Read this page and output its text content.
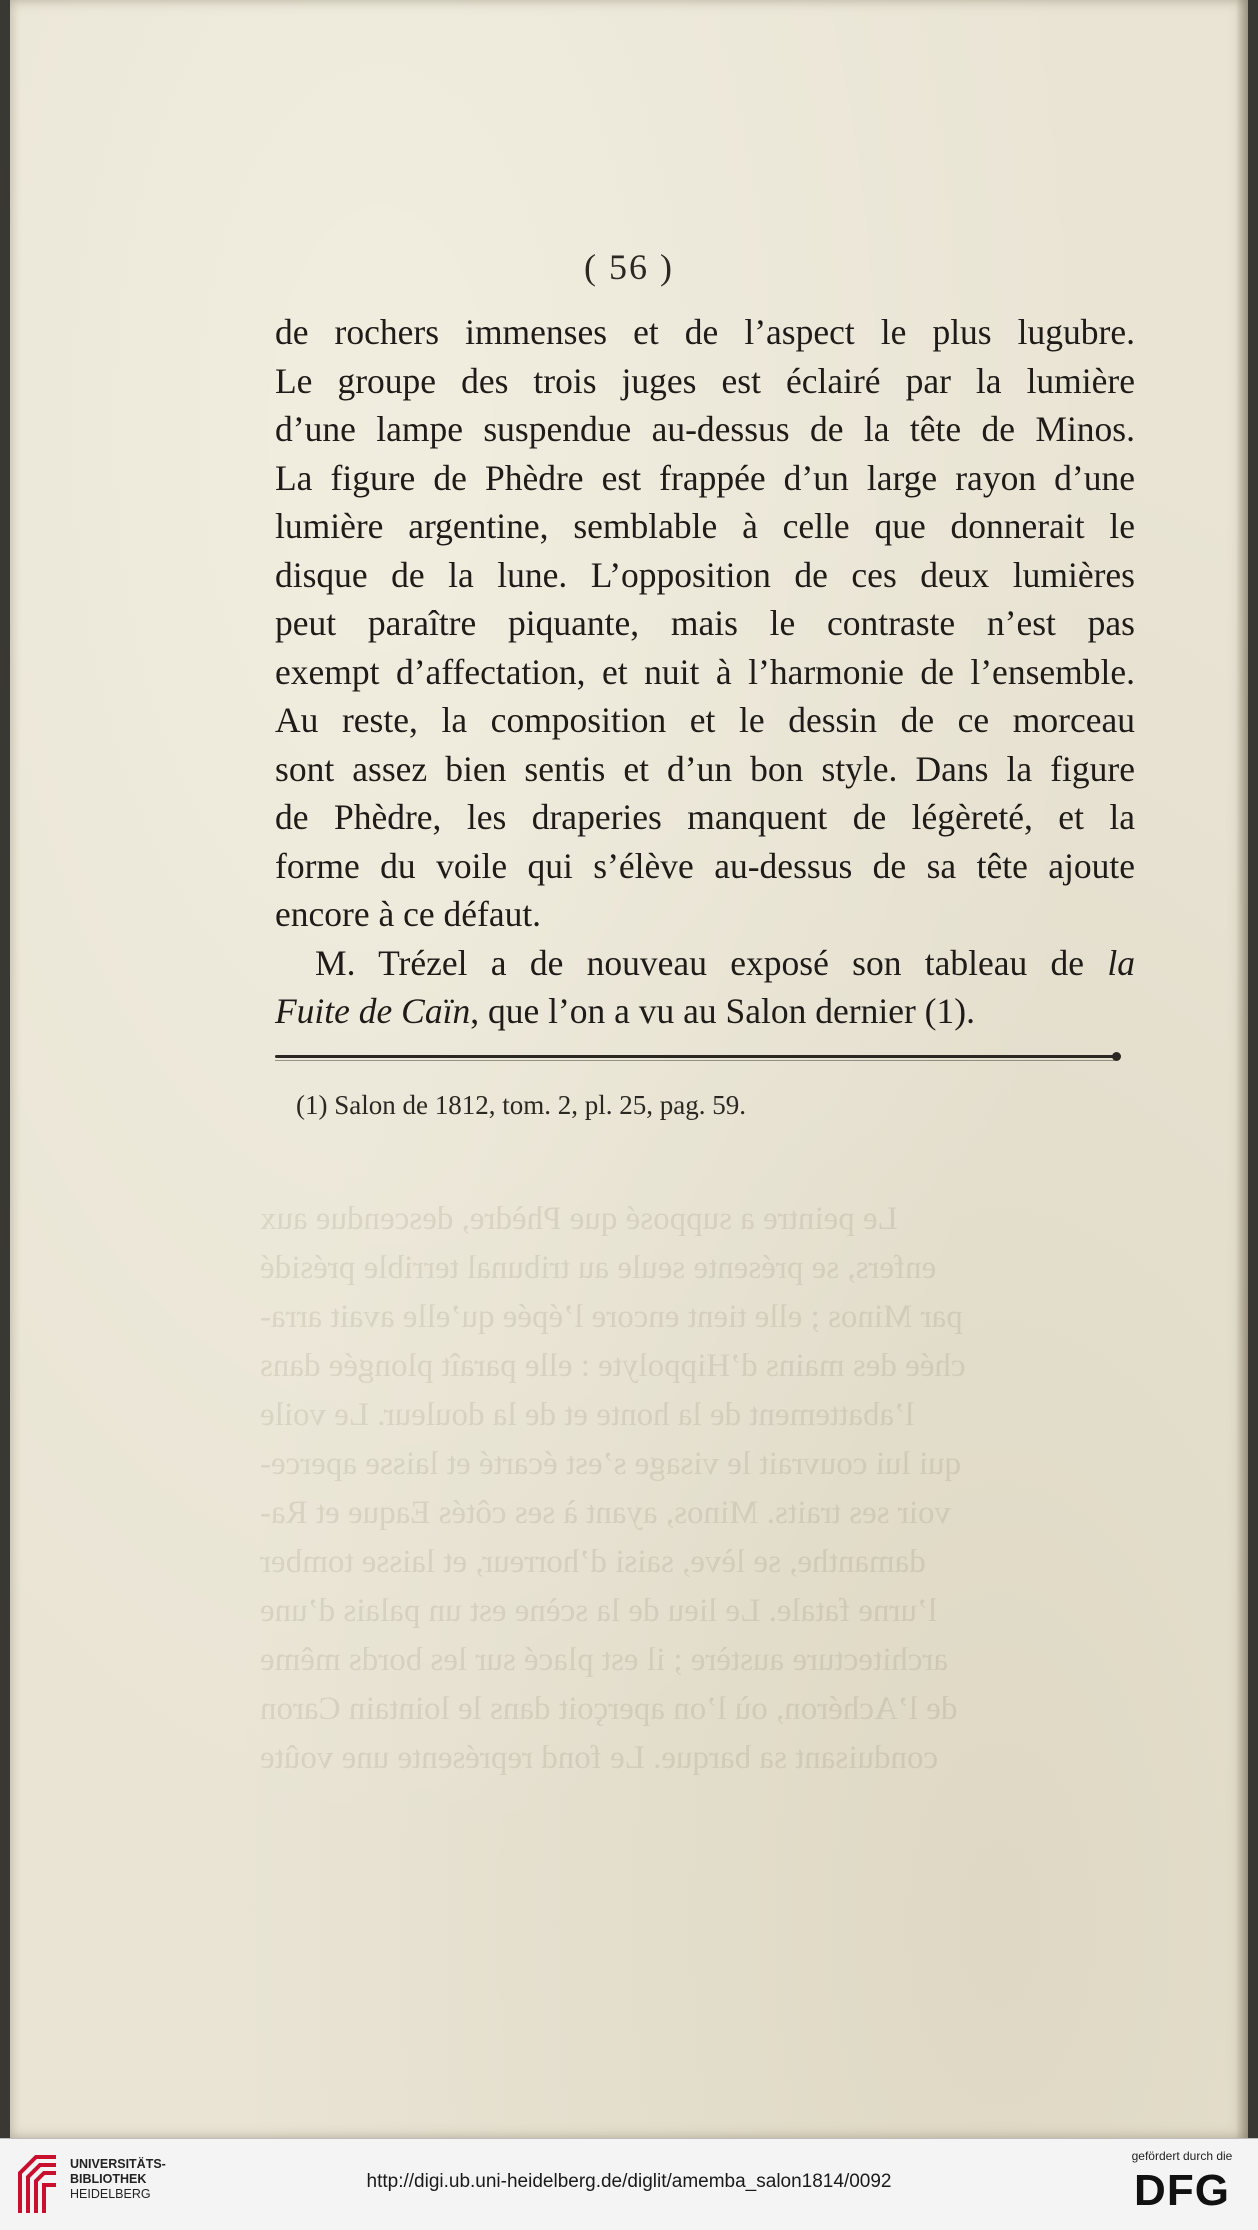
Le peintre a supposé que Phèdre, descendue aux
enfers, se présente seule au tribunal terrible présidé
par Minos ; elle tient encore l’épée qu’elle avait arra-
chée des mains d’Hippolyte : elle paraît plongée dans
l’abattement de la honte et de la douleur. Le voile
qui lui couvrait le visage s’est écarté et laisse aperce-
voir ses traits. Minos, ayant à ses côtés Eaque et Ra-
damanthe, se lève, saisi d’horreur, et laisse tomber
l’urne fatale. Le lieu de la scène est un palais d’une
architecture austère ; il est placé sur les bords même
de l’Achéron, où l’on aperçoit dans le lointain Caron
conduisant sa barque. Le fond représente une voûte
( 56 )
de rochers immenses et de l’aspect le plus lugubre.
Le groupe des trois juges est éclairé par la lumière
d’une lampe suspendue au-dessus de la tête de Minos.
La figure de Phèdre est frappée d’un large rayon d’une
lumière argentine, semblable à celle que donnerait le
disque de la lune. L’opposition de ces deux lumières
peut paraître piquante, mais le contraste n’est pas
exempt d’affectation, et nuit à l’harmonie de l’ensemble.
Au reste, la composition et le dessin de ce morceau
sont assez bien sentis et d’un bon style. Dans la figure
de Phèdre, les draperies manquent de légèreté, et la
forme du voile qui s’élève au-dessus de sa tête ajoute
encore à ce défaut.
M. Trézel a de nouveau exposé son tableau de la
Fuite de Caïn, que l’on a vu au Salon dernier (1).
(1) Salon de 1812, tom. 2, pl. 25, pag. 59.
UNIVERSITÄTS-
BIBLIOTHEK
HEIDELBERG
http://digi.ub.uni-heidelberg.de/diglit/amemba_salon1814/0092
gefördert durch die
DFG
